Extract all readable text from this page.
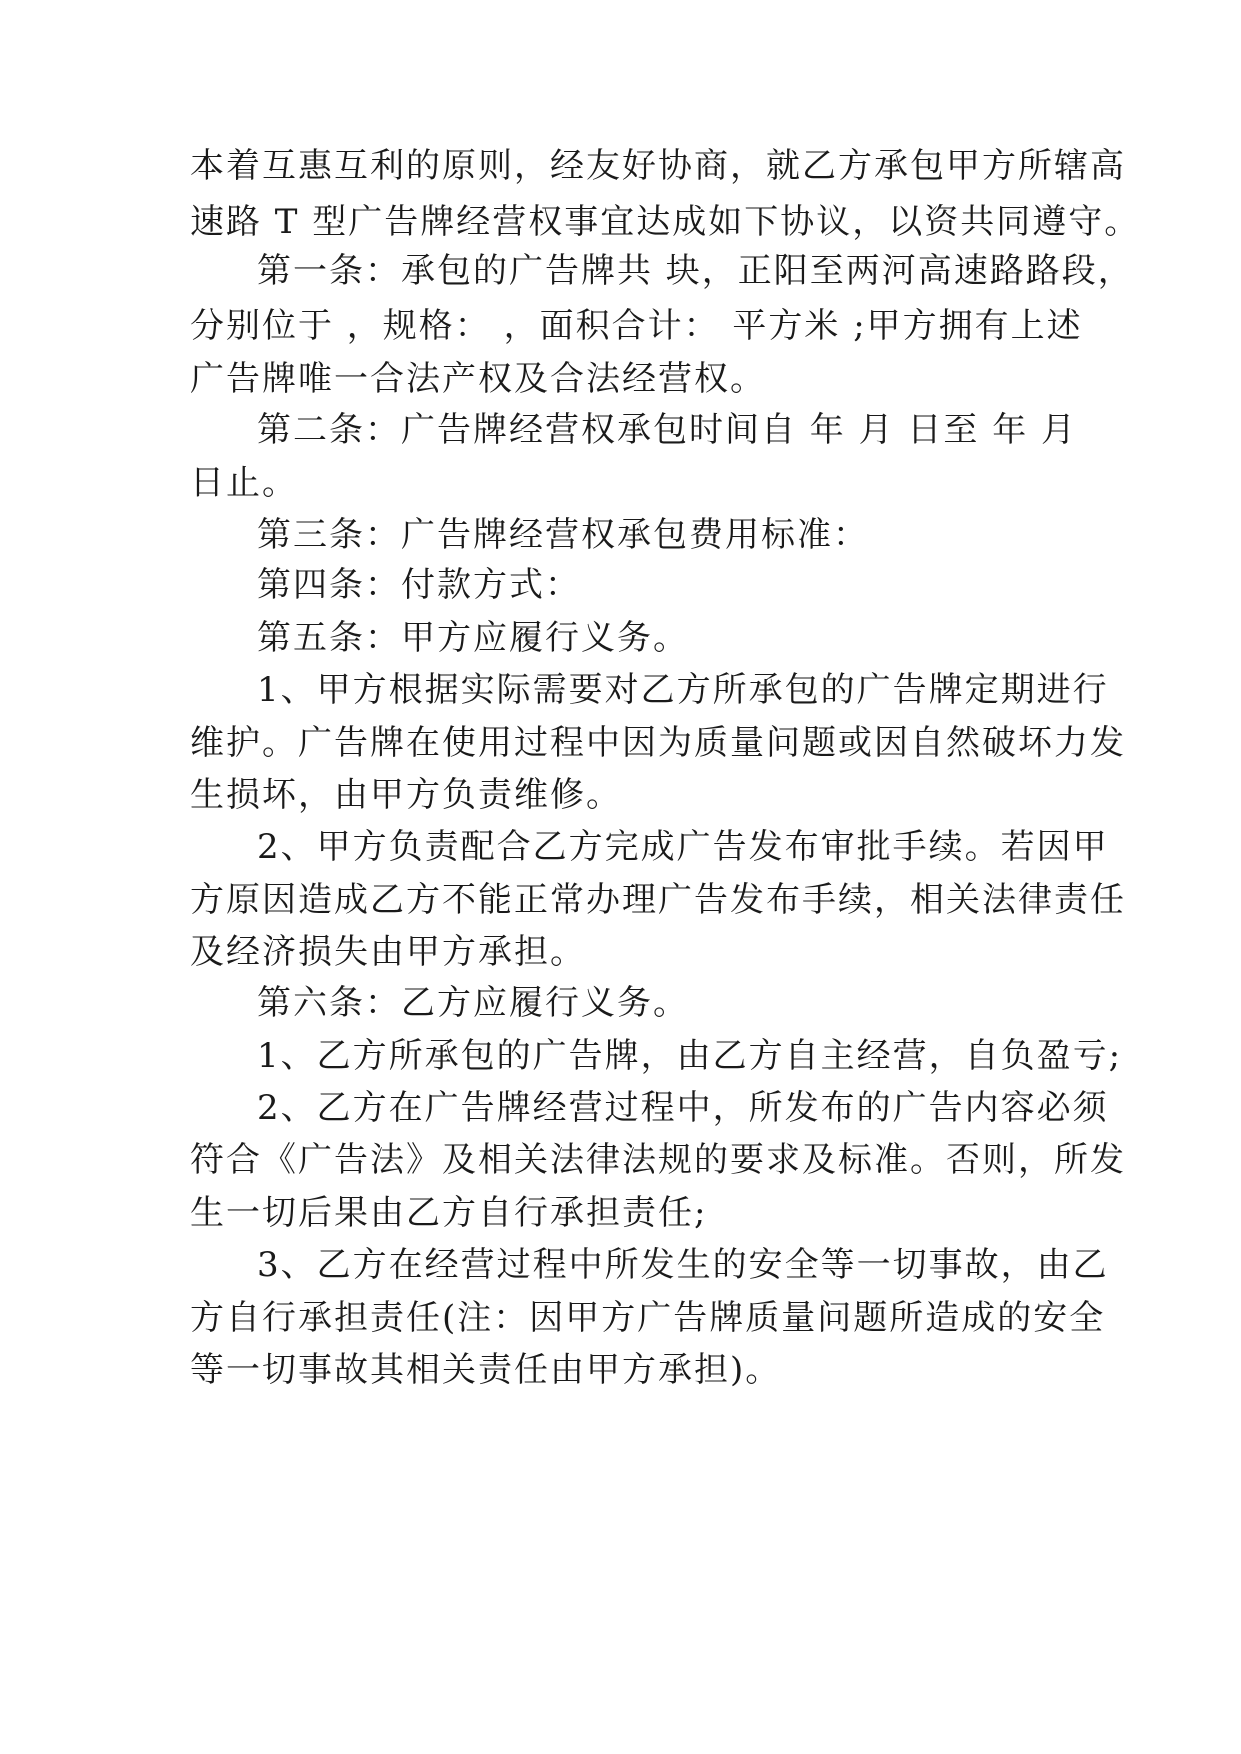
本着互惠互利的原则，经友好协商，就乙方承包甲方所辖高
速路 T 型广告牌经营权事宜达成如下协议，以资共同遵守。
第一条：承包的广告牌共 块，正阳至两河高速路路段，
分别位于 ，规格： ，面积合计： 平方米 ;甲方拥有上述
广告牌唯一合法产权及合法经营权。
第二条：广告牌经营权承包时间自 年 月 日至 年 月
日止。
第三条：广告牌经营权承包费用标准：
第四条：付款方式：
第五条：甲方应履行义务。
1、甲方根据实际需要对乙方所承包的广告牌定期进行
维护。广告牌在使用过程中因为质量问题或因自然破坏力发
生损坏，由甲方负责维修。
2、甲方负责配合乙方完成广告发布审批手续。若因甲
方原因造成乙方不能正常办理广告发布手续，相关法律责任
及经济损失由甲方承担。
第六条：乙方应履行义务。
1、乙方所承包的广告牌，由乙方自主经营，自负盈亏;
2、乙方在广告牌经营过程中，所发布的广告内容必须
符合《广告法》及相关法律法规的要求及标准。否则，所发
生一切后果由乙方自行承担责任;
3、乙方在经营过程中所发生的安全等一切事故，由乙
方自行承担责任(注：因甲方广告牌质量问题所造成的安全
等一切事故其相关责任由甲方承担)。
